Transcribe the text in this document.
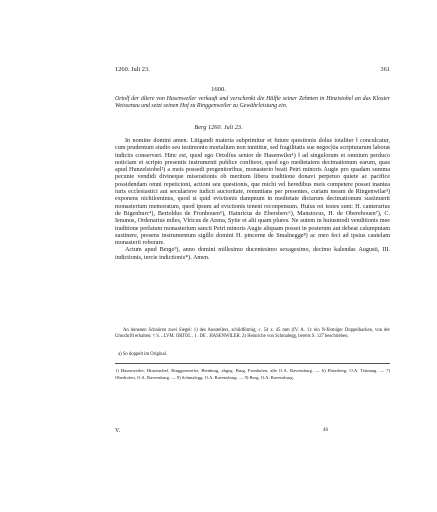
1260. Juli 23.	361
1600.
Ortolf der ältere von Hasenweiler verkauft und verschenkt die Hälfte seiner Zehnten in Hinzistobel an das Kloster Weissenau und setzt seinen Hof zu Ringgenweiler zu Gewährleistung ein.
Berg 1260. Juli 23.

In nomine domini amen. Litigandi materia subprimitur et future questionis dolus totaliter ‖ conculcatur, cum prudentum studio seu testimonio mortalium non innititur, sed fragilitatis sue negoc|tia scripturarum laborat indiciis conservari. Hinc est, quod ego Ortolfus senior de Hasenwiler¹) ‖ ad singulorum et omnium perduco noticiam et scripto presentis instrumenti publice confiteor, quod ego medietatem decimationum earum, quas apud Hunzelstobel²) a meis possedi progenitoribus, monasterio beati Petri minoris Augie pro quadam summa pecunie vendidi divineque miserationis ob meritum libera traditione donavi perpetuo quiete ac pacifice possidendam omni repeticioni, actioni seu questionis, que michi vel heredibus meis competere posset inantea iuris ecclesiastici aut secularisve iudicii auctoritate, renuntians per presentes, curiam meam de Ringenwilar³) exponens nichilominus, quod si quid evictionis dampnum in medietate dictarum decimationum sustinuerit monasterium memoratum, quod ipsum ad evictionis tenent reconpensum. Huius rei testes sunt: H. camerarius de Bigenburc⁴), Bertoldus de Fronhouen⁵), Hainricus de Ebersberc⁶), Manstocus, H. de Oberehouen⁷), C. Ienunus, Ordenarius miles, Vlricus de Arena, Sytie et alii quam plures. Ne autem in huiusmodi venditionis mee traditione prefatum monasterium sancti Petri minoris Augie aliquam posset in posterum aut debeat calumpniam sustinere, presens instrumentum sigillo domini H. pincerne de Smalnegge⁸) ac meo feci ad ipsius cautelam monasterii roborare.

Actum apud Berge⁹), anno domini millesimo ducentesimo sexagesimo, decimo kalendas Augusti, III. indictionis, tercie indictionis*). Amen.

An leinenen Schnüren zwei Siegel: 1) des Ausstellers, schildförmig, c. 54 x. 45 mm (IV. A. 1): ein N-förmiger Doppelhacken, von der Umschrift erhalten: † S…LVM. ORTOL . I . DE . HASENWILER. 2) Heinriche von Schmalegg, bereits S. 127 beschrieben.

a) So doppelt im Original.

1) Hasenweiler, Hinzistobel, Ringgenweiler, Bienburg, abgeg. Burg, Fronhofen, alle O.A. Ravensburg. — 6) Ebersberg, O.A. Tettnang. — 7) Oberhofen, O.A. Ravensburg. — 8) Schmalegg, O.A. Ravensburg. — 9) Berg, O.A. Ravensburg.

V.	46
